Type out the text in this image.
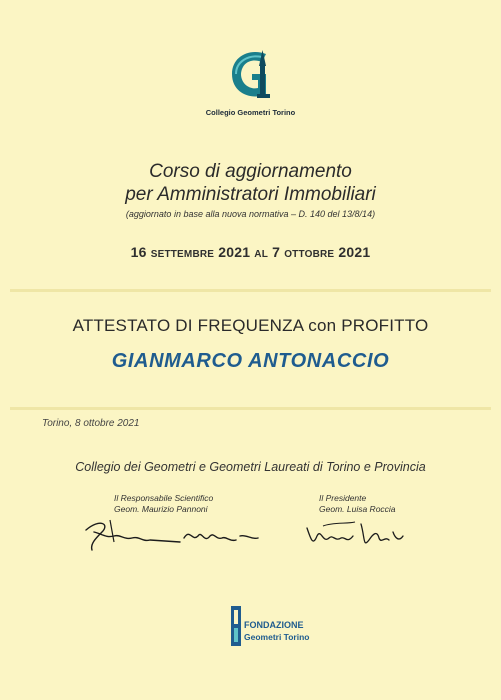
Collegio Geometri Torino
Corso di aggiornamento
per Amministratori Immobiliari
(aggiornato in base alla nuova normativa – D. 140 del 13/8/14)
16 settembre 2021 al 7 ottobre 2021
ATTESTATO DI FREQUENZA con PROFITTO
GIANMARCO ANTONACCIO
Torino, 8 ottobre 2021
Collegio dei Geometri e Geometri Laureati di Torino e Provincia
Il Responsabile Scientifico
Geom. Maurizio Pannoni
Il Presidente
Geom. Luisa Roccia
FONDAZIONE
Geometri Torino
